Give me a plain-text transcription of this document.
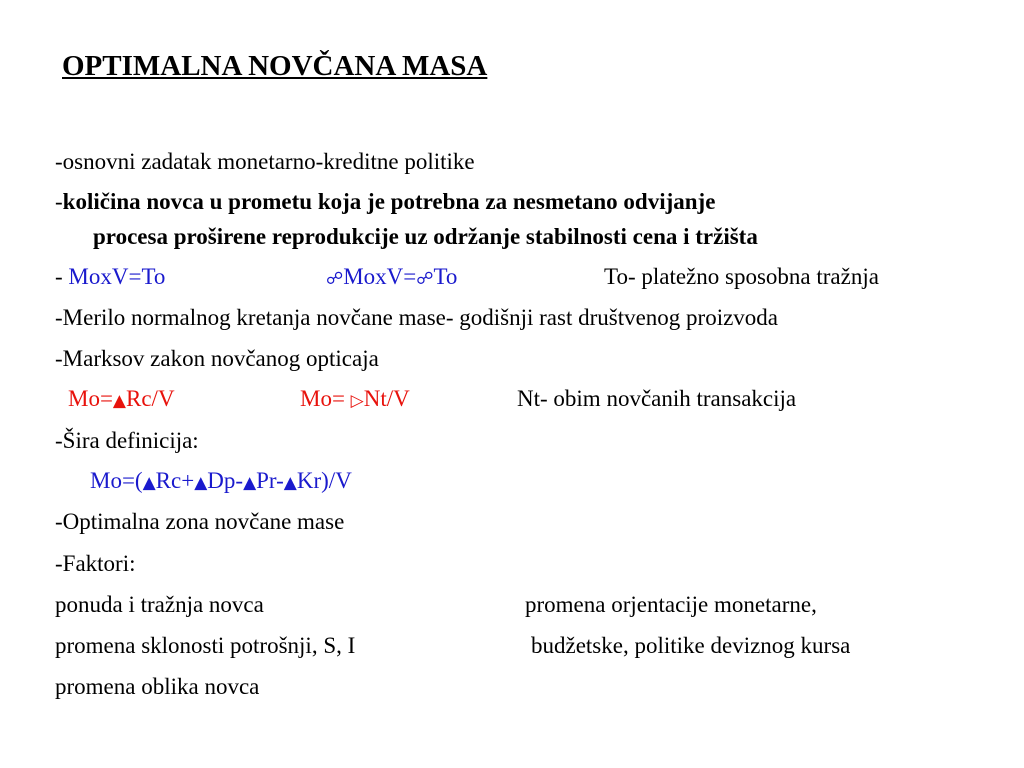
OPTIMALNA NOVČANA MASA
-osnovni zadatak monetarno-kreditne politike
-količina novca u prometu koja je potrebna za nesmetano odvijanje
procesa proširene reprodukcije uz održanje stabilnosti cena i tržišta
- MoxV=To	☍MoxV=☍To	To- platežno sposobna tražnja
-Merilo normalnog kretanja novčane mase- godišnji rast društvenog proizvoda
-Marksov zakon novčanog opticaja
Mo=▲Rc/V	Mo= ▷Nt/V	Nt- obim novčanih transakcija
-Šira definicija:
Mo=(▲Rc+▲Dp-▲Pr-▲Kr)/V
-Optimalna zona novčane mase
-Faktori:
ponuda i tražnja novca	promena orjentacije monetarne,
promena sklonosti potrošnji, S, I	budžetske, politike deviznog kursa
promena oblika novca
